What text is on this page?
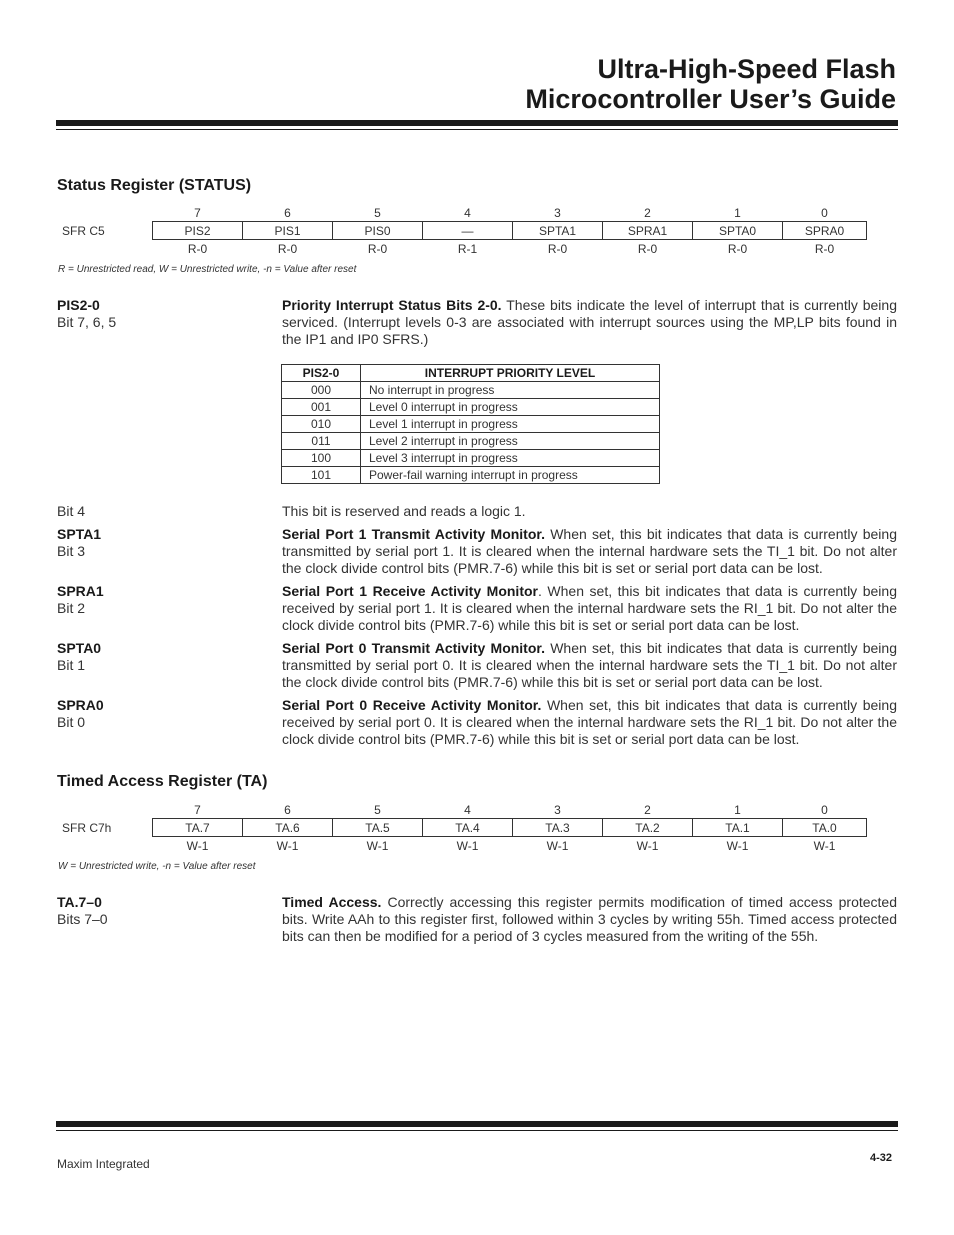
Ultra-High-Speed Flash
Microcontroller User’s Guide
Status Register (STATUS)
	7	6	5	4	3	2	1	0
SFR C5	PIS2	PIS1	PIS0	—	SPTA1	SPRA1	SPTA0	SPRA0
	R-0	R-0	R-0	R-1	R-0	R-0	R-0	R-0
R = Unrestricted read, W = Unrestricted write, -n = Value after reset
PIS2-0
Bit 7, 6, 5
Priority Interrupt Status Bits 2-0. These bits indicate the level of interrupt that is currently being serviced. (Interrupt levels 0-3 are associated with interrupt sources using the MP,LP bits found in the IP1 and IP0 SFRS.)
PIS2-0	INTERRUPT PRIORITY LEVEL
000	No interrupt in progress
001	Level 0 interrupt in progress
010	Level 1 interrupt in progress
011	Level 2 interrupt in progress
100	Level 3 interrupt in progress
101	Power-fail warning interrupt in progress
Bit 4	This bit is reserved and reads a logic 1.
SPTA1
Bit 3
Serial Port 1 Transmit Activity Monitor. When set, this bit indicates that data is currently being transmitted by serial port 1. It is cleared when the internal hardware sets the TI_1 bit. Do not alter the clock divide control bits (PMR.7-6) while this bit is set or serial port data can be lost.
SPRA1
Bit 2
Serial Port 1 Receive Activity Monitor. When set, this bit indicates that data is currently being received by serial port 1. It is cleared when the internal hardware sets the RI_1 bit. Do not alter the clock divide control bits (PMR.7-6) while this bit is set or serial port data can be lost.
SPTA0
Bit 1
Serial Port 0 Transmit Activity Monitor. When set, this bit indicates that data is currently being transmitted by serial port 0. It is cleared when the internal hardware sets the TI_1 bit. Do not alter the clock divide control bits (PMR.7-6) while this bit is set or serial port data can be lost.
SPRA0
Bit 0
Serial Port 0 Receive Activity Monitor. When set, this bit indicates that data is currently being received by serial port 0. It is cleared when the internal hardware sets the RI_1 bit. Do not alter the clock divide control bits (PMR.7-6) while this bit is set or serial port data can be lost.
Timed Access Register (TA)
	7	6	5	4	3	2	1	0
SFR C7h	TA.7	TA.6	TA.5	TA.4	TA.3	TA.2	TA.1	TA.0
	W-1	W-1	W-1	W-1	W-1	W-1	W-1	W-1
W = Unrestricted write, -n = Value after reset
TA.7–0
Bits 7–0
Timed Access. Correctly accessing this register permits modification of timed access protected bits. Write AAh to this register first, followed within 3 cycles by writing 55h. Timed access protected bits can then be modified for a period of 3 cycles measured from the writing of the 55h.
Maxim Integrated	4-32
